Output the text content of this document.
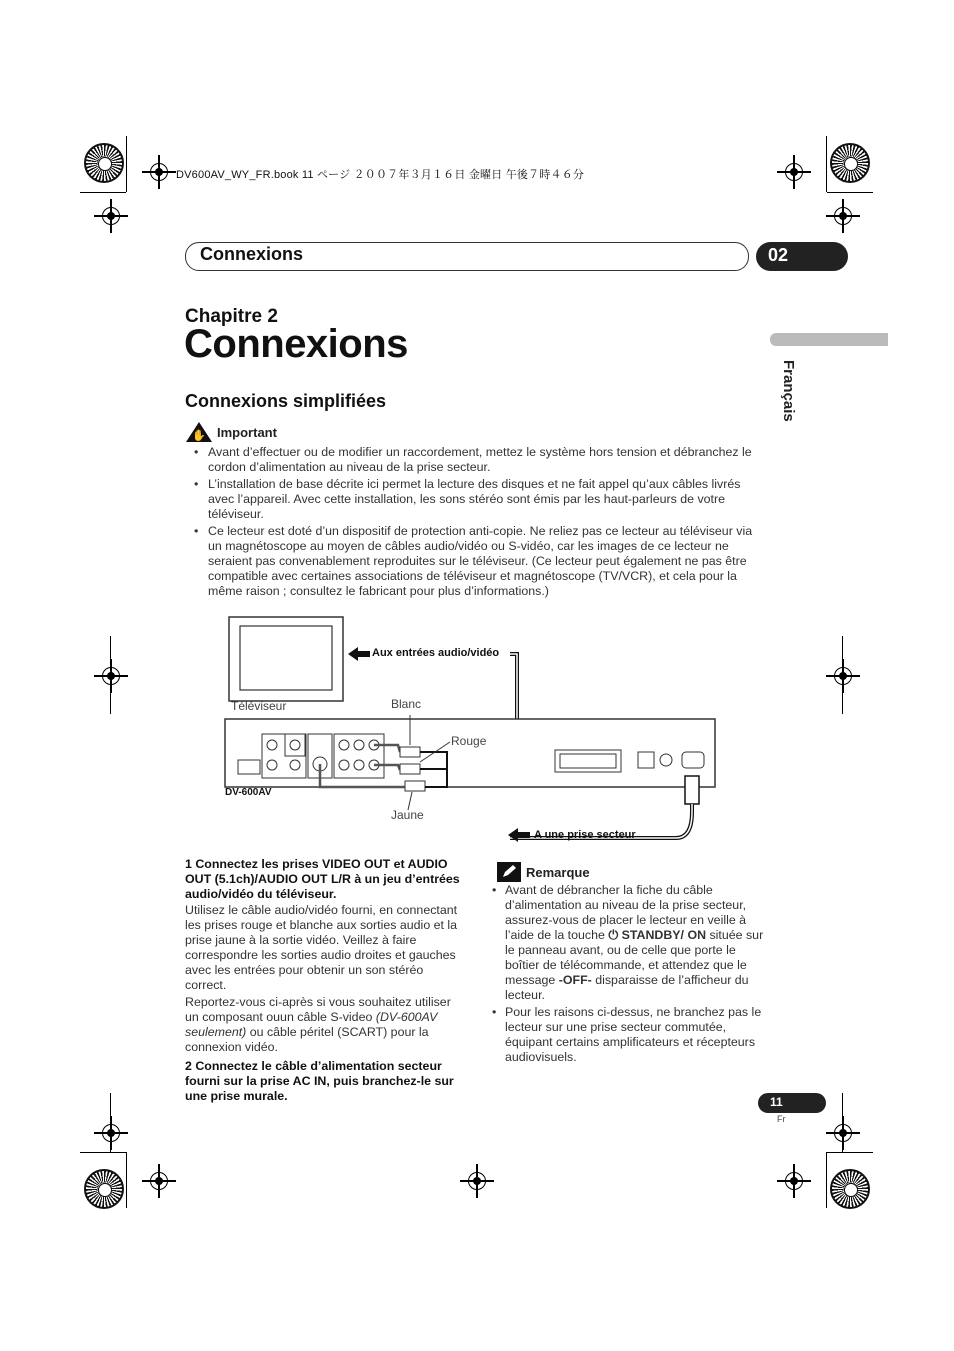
DV600AV_WY_FR.book 11 ページ ２００７年３月１６日 金曜日 午後７時４６分
Connexions	02
Français
Chapitre 2
Connexions
Connexions simplifiées
✋ Important
• Avant d’effectuer ou de modifier un raccordement, mettez le système hors tension et débranchez le cordon d’alimentation au niveau de la prise secteur.
• L’installation de base décrite ici permet la lecture des disques et ne fait appel qu’aux câbles livrés avec l’appareil. Avec cette installation, les sons stéréo sont émis par les haut-parleurs de votre téléviseur.
• Ce lecteur est doté d’un dispositif de protection anti-copie. Ne reliez pas ce lecteur au téléviseur via un magnétoscope au moyen de câbles audio/vidéo ou S-vidéo, car les images de ce lecteur ne seraient pas convenablement reproduites sur le téléviseur. (Ce lecteur peut également ne pas être compatible avec certaines associations de téléviseur et magnétoscope (TV/VCR), et cela pour la même raison ; consultez le fabricant pour plus d’informations.)
Téléviseur
Aux entrées audio/vidéo
Blanc
Rouge
Jaune
DV-600AV
A une prise secteur
1 Connectez les prises VIDEO OUT et AUDIO OUT (5.1ch)/AUDIO OUT L/R à un jeu d’entrées audio/vidéo du téléviseur.
Utilisez le câble audio/vidéo fourni, en connectant les prises rouge et blanche aux sorties audio et la prise jaune à la sortie vidéo. Veillez à faire correspondre les sorties audio droites et gauches avec les entrées pour obtenir un son stéréo correct.
Reportez-vous ci-après si vous souhaitez utiliser un composant ouun câble S-video (DV-600AV seulement) ou câble péritel (SCART) pour la connexion vidéo.
2 Connectez le câble d’alimentation secteur fourni sur la prise AC IN, puis branchez-le sur une prise murale.
Remarque
• Avant de débrancher la fiche du câble d’alimentation au niveau de la prise secteur, assurez-vous de placer le lecteur en veille à l’aide de la touche ⏻ STANDBY/ ON située sur le panneau avant, ou de celle que porte le boîtier de télécommande, et attendez que le message -OFF- disparaisse de l’afficheur du lecteur.
• Pour les raisons ci-dessus, ne branchez pas le lecteur sur une prise secteur commutée, équipant certains amplificateurs et récepteurs audiovisuels.
11
Fr
